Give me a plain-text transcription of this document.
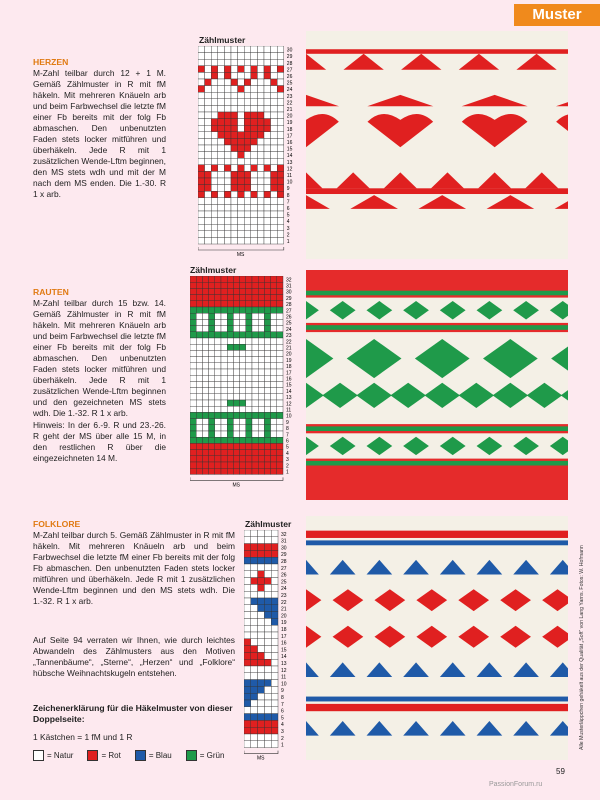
Muster
HERZEN
M-Zahl teilbar durch 12 + 1 M. Gemäß Zählmuster in R mit fM häkeln. Mit mehreren Knäueln arb und beim Farbwechsel die letzte fM einer Fb bereits mit der folg Fb abmaschen. Den unbenutzten Faden stets locker mitführen und überhäkeln. Jede R mit 1 zusätzlichen Wende-Lftm beginnen, den MS stets wdh und mit der M nach dem MS enden. Die 1.-30. R 1 x arb.
Zählmuster
1
2
3
4
5
6
7
8
9
10
11
12
13
14
15
16
17
18
19
20
21
22
23
24
25
26
27
28
29
30
MS
RAUTEN
M-Zahl teilbar durch 15 bzw. 14. Gemäß Zählmuster in R mit fM häkeln. Mit mehreren Knäueln arb und beim Farbwechsel die letzte fM einer Fb bereits mit der folg Fb abmaschen. Den unbenutzten Faden stets locker mitführen und überhäkeln. Jede R mit 1 zusätzlichen Wende-Lftm beginnen und den gezeichneten MS stets wdh. Die 1.-32. R 1 x arb.
Hinweis: In der 6.-9. R und 23.-26. R geht der MS über alle 15 M, in den restlichen R über die eingezeichneten 14 M.
Zählmuster
1
2
3
4
5
6
7
8
9
10
11
12
13
14
15
16
17
18
19
20
21
22
23
24
25
26
27
28
29
30
31
32
MS
FOLKLORE
M-Zahl teilbar durch 5. Gemäß Zählmuster in R mit fM häkeln. Mit mehreren Knäueln arb und beim Farbwechsel die letzte fM einer Fb bereits mit der folg Fb abmaschen. Den unbenutzten Faden stets locker mitführen und überhäkeln. Jede R mit 1 zusätzlichen Wende-Lftm beginnen und den MS stets wdh. Die 1.-32. R 1 x arb.
Auf Seite 94 verraten wir Ihnen, wie durch leichtes Abwandeln des Zählmusters aus den Motiven „Tannenbäume“, „Sterne“, „Herzen“ und „Folklore“ hübsche Weihnachtskugeln entstehen.
Zählmuster
1
2
3
4
5
6
7
8
9
10
11
12
13
14
15
16
17
18
19
20
21
22
23
24
25
26
27
28
29
30
31
32
MS
Zeichenerklärung für die Häkelmuster von dieser Doppelseite:
1 Kästchen = 1 fM und 1 R
= Natur	= Rot	= Blau	= Grün
Alle Musterläppchen gehäkelt aus der Qualität „Soft“ von Lang Yarns. Fotos: W. Hofmann
59
PassionForum.ru
